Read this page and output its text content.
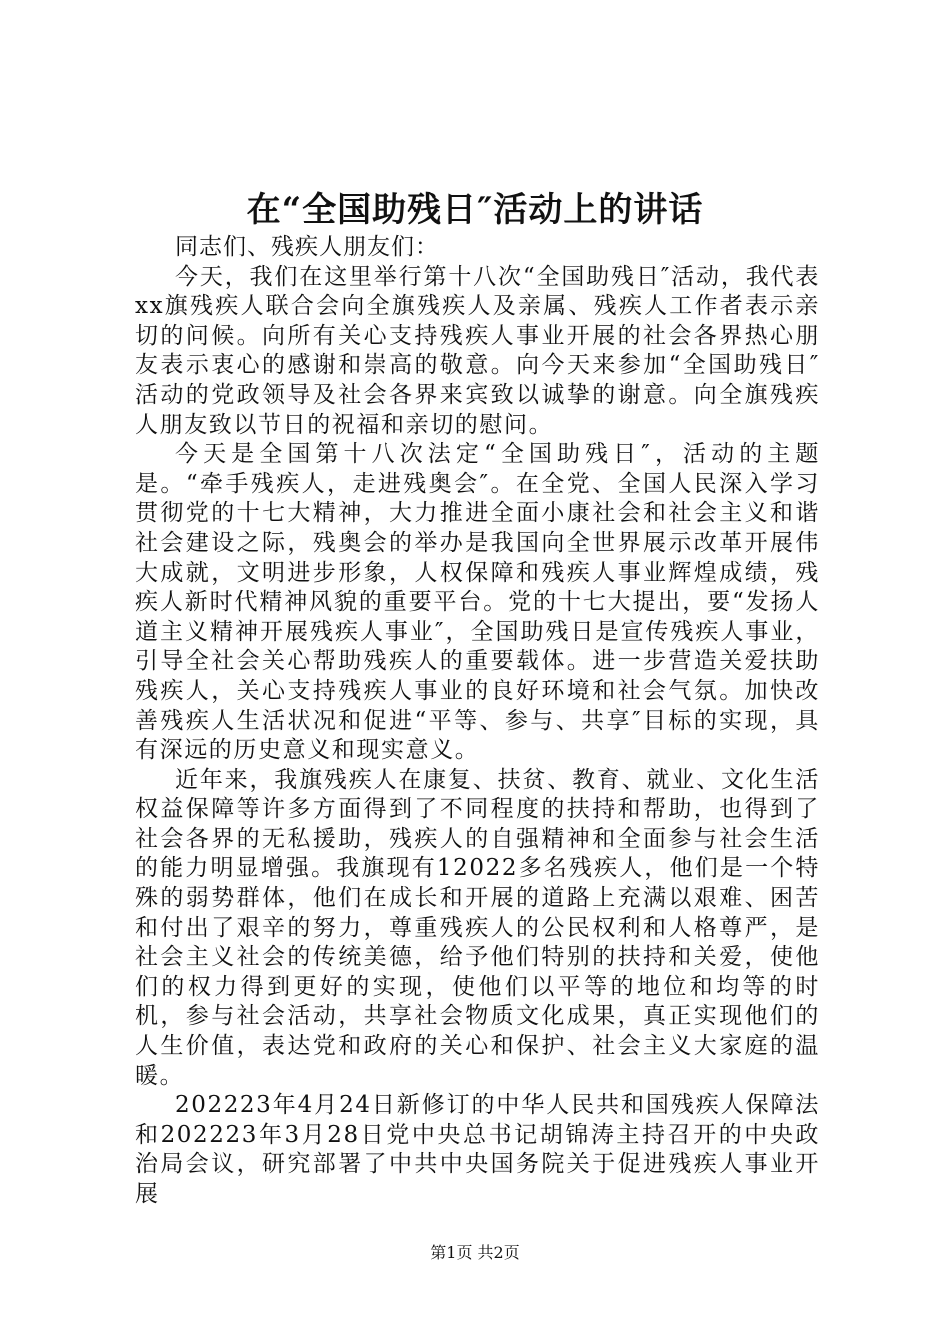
在“全国助残日″活动上的讲话

同志们、残疾人朋友们：

今天，我们在这里举行第十八次“全国助残日″活动，我代表xx旗残疾人联合会向全旗残疾人及亲属、残疾人工作者表示亲切的问候。向所有关心支持残疾人事业开展的社会各界热心朋友表示衷心的感谢和崇高的敬意。向今天来参加“全国助残日″活动的党政领导及社会各界来宾致以诚挚的谢意。向全旗残疾人朋友致以节日的祝福和亲切的慰问。

今天是全国第十八次法定“全国助残日″，活动的主题是。“牵手残疾人，走进残奥会″。在全党、全国人民深入学习贯彻党的十七大精神，大力推进全面小康社会和社会主义和谐社会建设之际，残奥会的举办是我国向全世界展示改革开展伟大成就，文明进步形象，人权保障和残疾人事业辉煌成绩，残疾人新时代精神风貌的重要平台。党的十七大提出，要“发扬人道主义精神开展残疾人事业″，全国助残日是宣传残疾人事业，引导全社会关心帮助残疾人的重要载体。进一步营造关爱扶助残疾人，关心支持残疾人事业的良好环境和社会气氛。加快改善残疾人生活状况和促进“平等、参与、共享″目标的实现，具有深远的历史意义和现实意义。

近年来，我旗残疾人在康复、扶贫、教育、就业、文化生活权益保障等许多方面得到了不同程度的扶持和帮助，也得到了社会各界的无私援助，残疾人的自强精神和全面参与社会生活的能力明显增强。我旗现有12022多名残疾人，他们是一个特殊的弱势群体，他们在成长和开展的道路上充满以艰难、困苦和付出了艰辛的努力，尊重残疾人的公民权利和人格尊严，是社会主义社会的传统美德，给予他们特别的扶持和关爱，使他们的权力得到更好的实现，使他们以平等的地位和均等的时机，参与社会活动，共享社会物质文化成果，真正实现他们的人生价值，表达党和政府的关心和保护、社会主义大家庭的温暖。

202223年4月24日新修订的中华人民共和国残疾人保障法和202223年3月28日党中央总书记胡锦涛主持召开的中央政治局会议，研究部署了中共中央国务院关于促进残疾人事业开展

第1页 共2页
